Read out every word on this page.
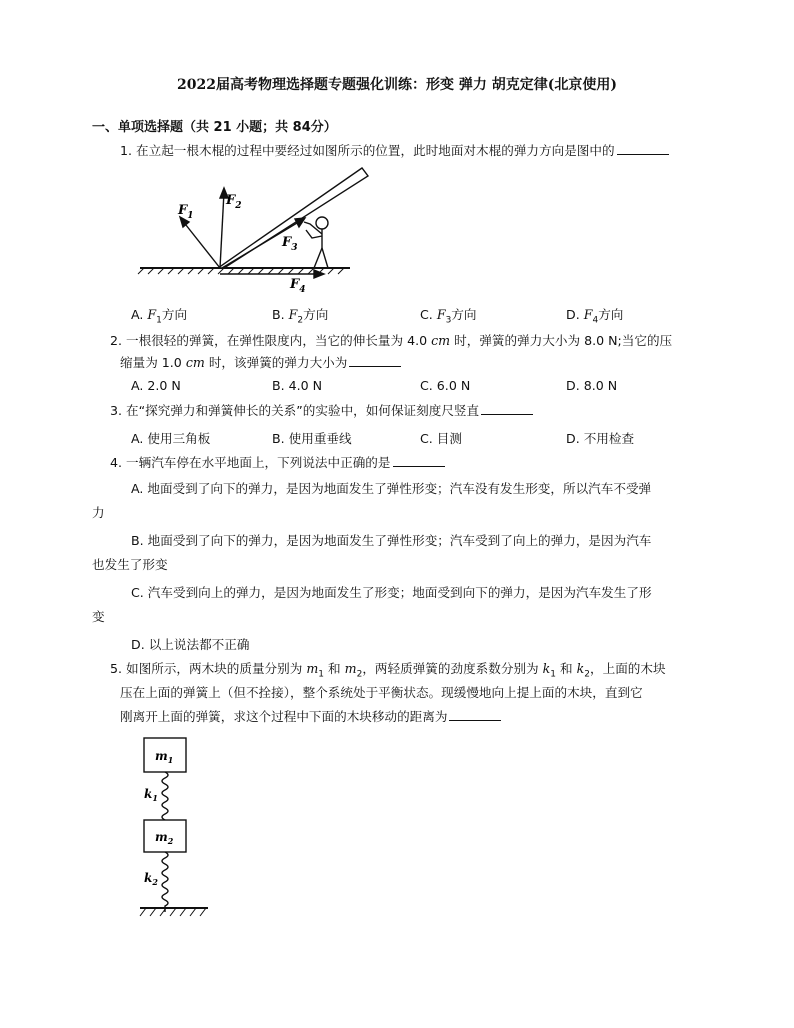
2022届高考物理选择题专题强化训练：形变 弹力 胡克定律(北京使用)
一、单项选择题（共 21 小题；共 84分）
1. 在立起一根木棍的过程中要经过如图所示的位置，此时地面对木棍的弹力方向是图中的
$F_1$
$F_2$
$F_3$
$F_4$
A. $F_1$方向	B. $F_2$方向	C. $F_3$方向	D. $F_4$方向
2. 一根很轻的弹簧，在弹性限度内，当它的伸长量为 4.0 cm 时，弹簧的弹力大小为 8.0 N;当它的压
缩量为 1.0 cm 时，该弹簧的弹力大小为
A. 2.0 N	B. 4.0 N	C. 6.0 N	D. 8.0 N
3. 在“探究弹力和弹簧伸长的关系”的实验中，如何保证刻度尺竖直
A. 使用三角板	B. 使用重垂线	C. 目测	D. 不用检查
4. 一辆汽车停在水平地面上，下列说法中正确的是
A. 地面受到了向下的弹力，是因为地面发生了弹性形变；汽车没有发生形变，所以汽车不受弹
力
B. 地面受到了向下的弹力，是因为地面发生了弹性形变；汽车受到了向上的弹力，是因为汽车
也发生了形变
C. 汽车受到向上的弹力，是因为地面发生了形变；地面受到向下的弹力，是因为汽车发生了形
变
D. 以上说法都不正确
5. 如图所示，两木块的质量分别为 $m_1$ 和 $m_2$，两轻质弹簧的劲度系数分别为 $k_1$ 和 $k_2$，上面的木块
压在上面的弹簧上（但不拴接），整个系统处于平衡状态。现缓慢地向上提上面的木块，直到它
刚离开上面的弹簧，求这个过程中下面的木块移动的距离为
$m_1$
$k_1$
$m_2$
$k_2$
